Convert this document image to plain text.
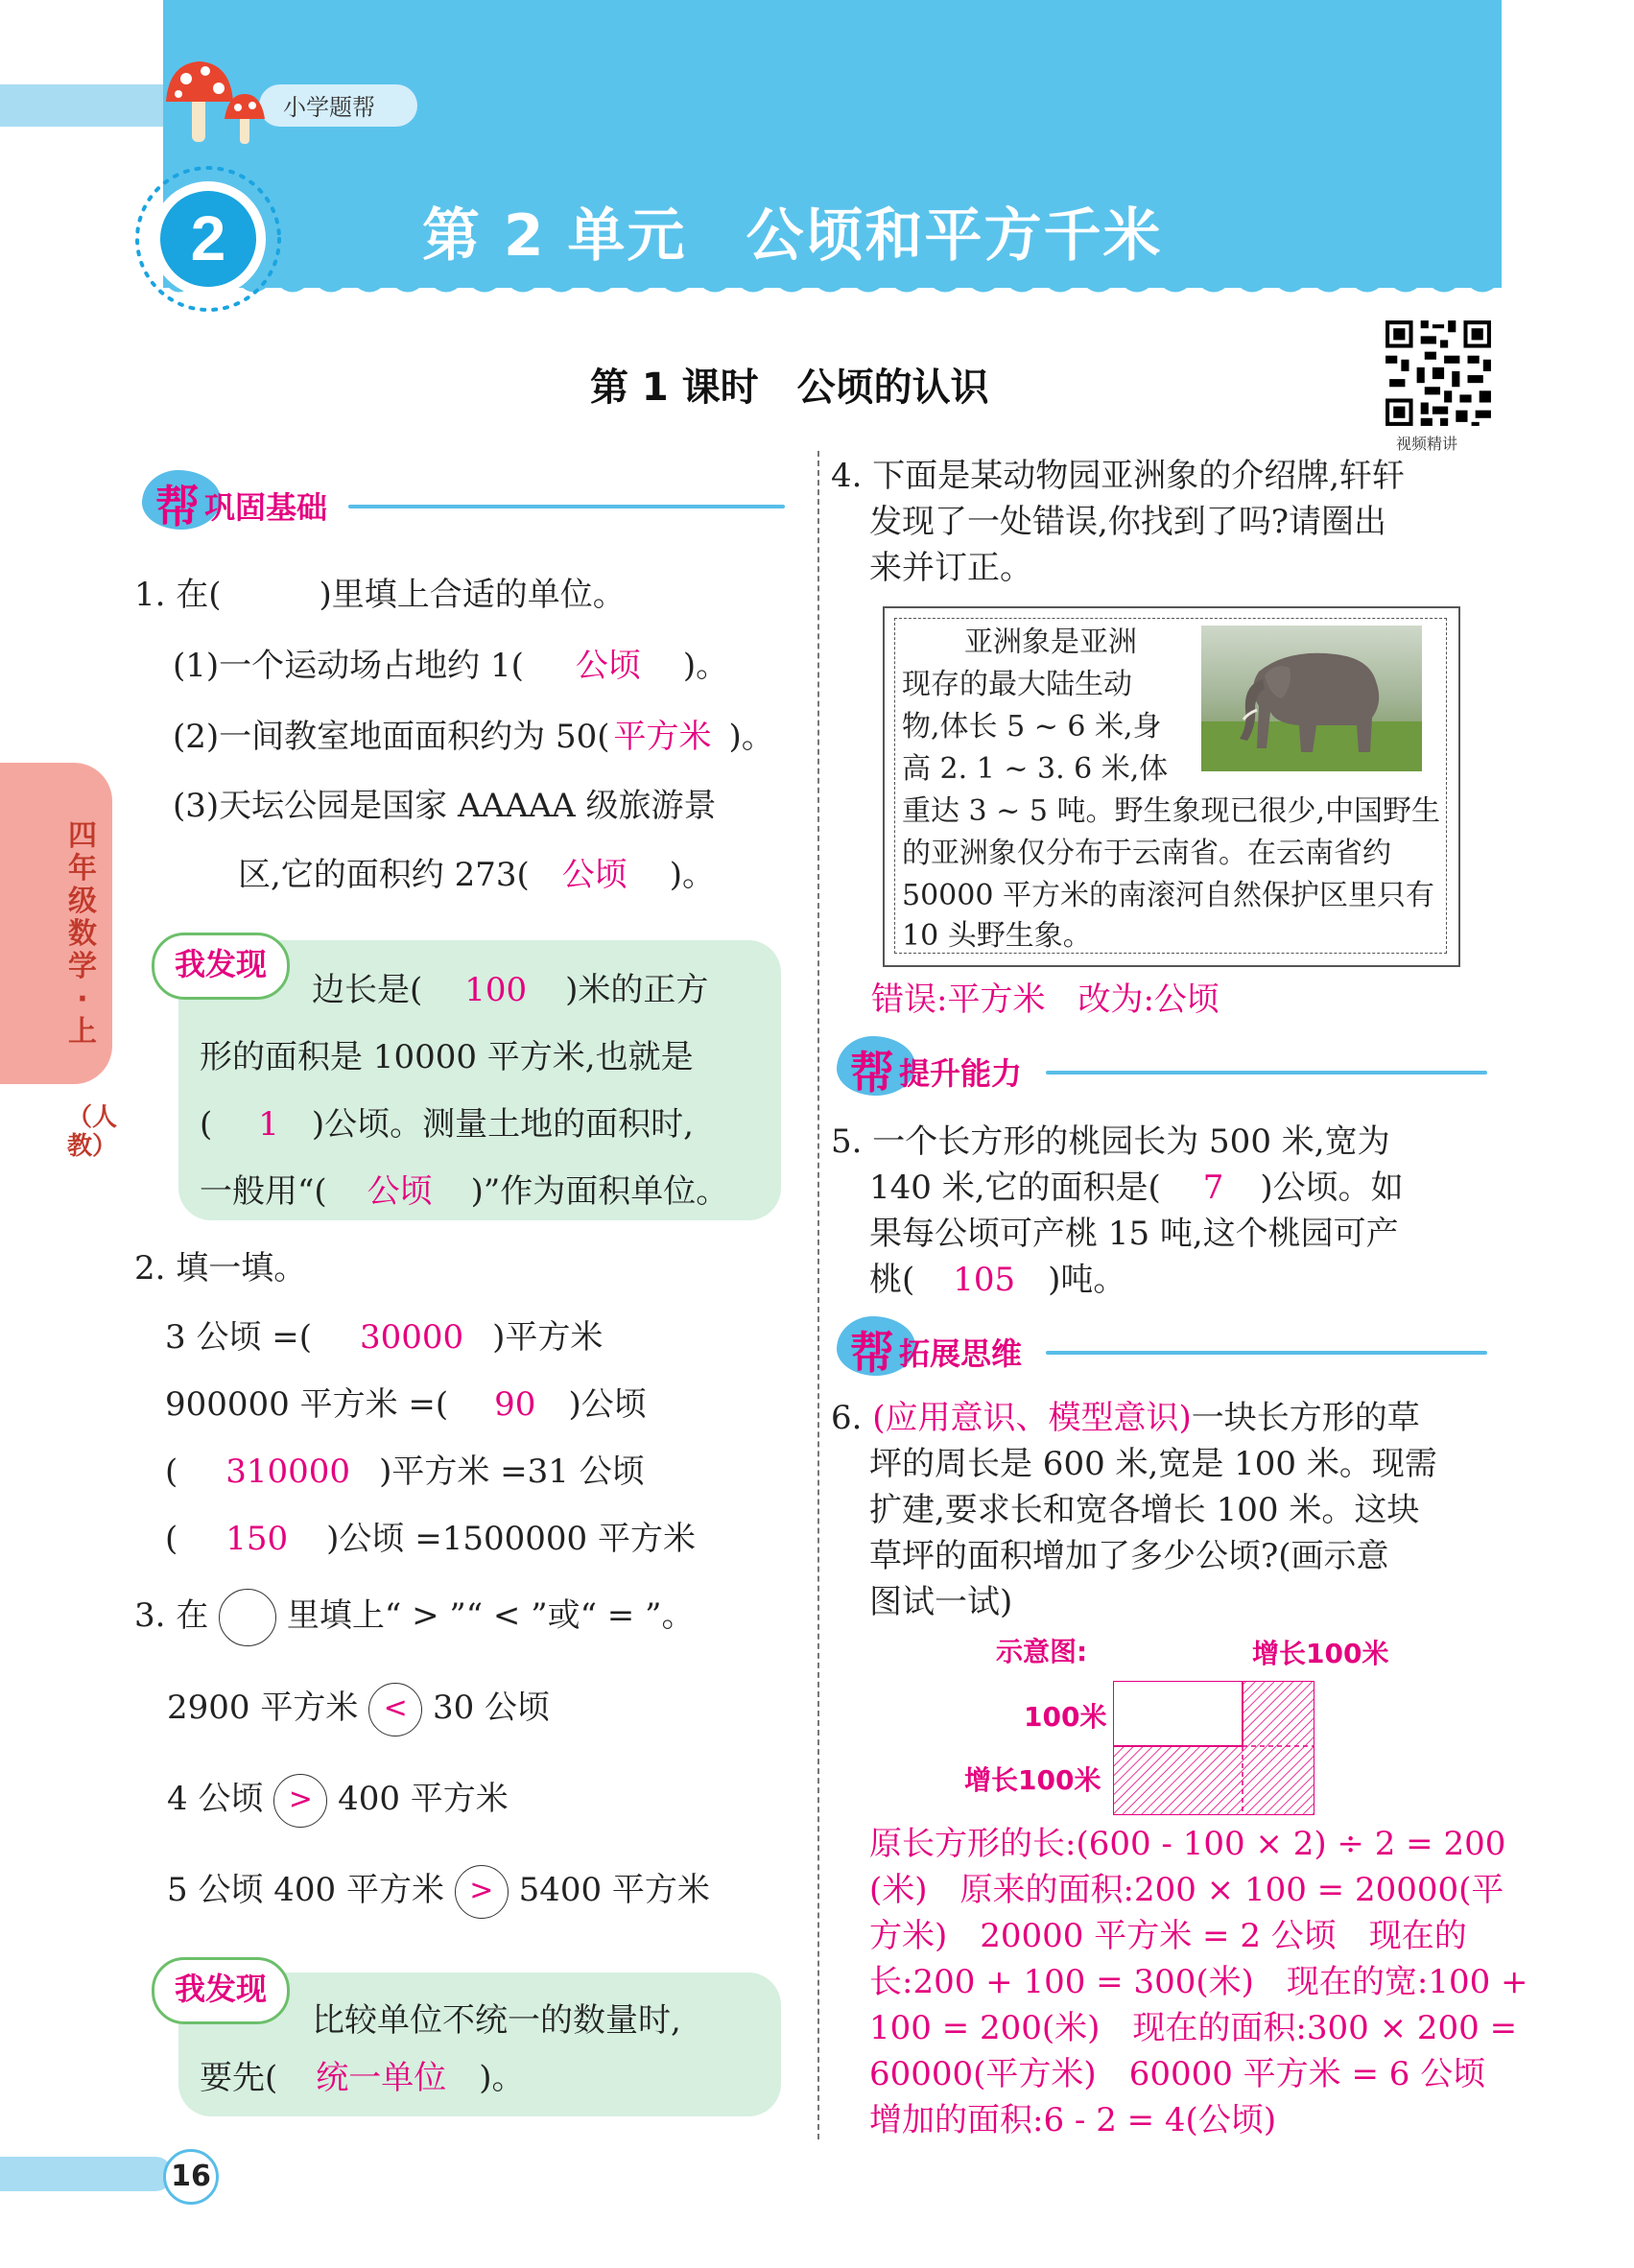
小学题帮
2	第 2 单元　公顷和平方千米
第 1 课时　公顷的认识
视频精讲
四年级数学·上
（人教）
帮 巩固基础
1. 在(　　　)里填上合适的单位。
(1)一个运动场占地约 1( 公顷 )。
(2)一间教室地面面积约为 50( 平方米 )。
(3)天坛公园是国家 AAAAA 级旅游景
区,它的面积约 273( 公顷 )。
我发现
边长是( 100 )米的正方
形的面积是 10000 平方米,也就是
( 1 )公顷。测量土地的面积时,
一般用“( 公顷 )”作为面积单位。
2. 填一填。
3 公顷 =( 30000 )平方米
900000 平方米 =( 90 )公顷
( 310000 )平方米 =31 公顷
( 150 )公顷 =1500000 平方米
3. 在 里填上“ > ”“ < ”或“ = ”。
2900 平方米 < 30 公顷
4 公顷 > 400 平方米
5 公顷 400 平方米 > 5400 平方米
我发现
比较单位不统一的数量时,
要先( 统一单位 )。
4. 下面是某动物园亚洲象的介绍牌,轩轩
发现了一处错误,你找到了吗?请圈出
来并订正。
亚洲象是亚洲
现存的最大陆生动
物,体长 5 ~ 6 米,身
高 2. 1 ~ 3. 6 米,体
重达 3 ~ 5 吨。野生象现已很少,中国野生
的亚洲象仅分布于云南省。在云南省约
50000 平方米的南滚河自然保护区里只有
10 头野生象。
错误:平方米　改为:公顷
帮 提升能力
5. 一个长方形的桃园长为 500 米,宽为
140 米,它的面积是( 7 )公顷。如
果每公顷可产桃 15 吨,这个桃园可产
桃( 105 )吨。
帮 拓展思维
6. (应用意识、模型意识)一块长方形的草
坪的周长是 600 米,宽是 100 米。现需
扩建,要求长和宽各增长 100 米。这块
草坪的面积增加了多少公顷?(画示意
图试一试)
示意图:	增长100米
100米
增长100米
原长方形的长:(600 - 100 × 2) ÷ 2 = 200
(米)　原来的面积:200 × 100 = 20000(平
方米)　20000 平方米 = 2 公顷　现在的
长:200 + 100 = 300(米)　现在的宽:100 +
100 = 200(米)　现在的面积:300 × 200 =
60000(平方米)　60000 平方米 = 6 公顷
增加的面积:6 - 2 = 4(公顷)
16
